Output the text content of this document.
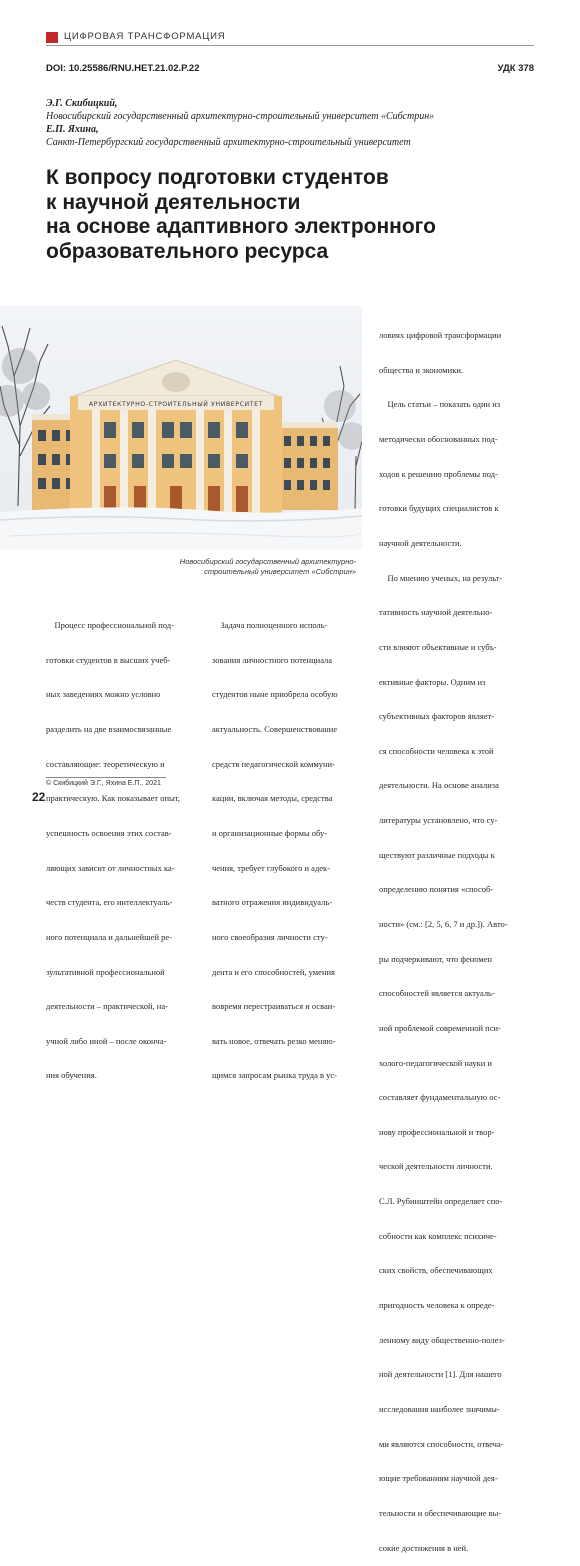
ЦИФРОВАЯ ТРАНСФОРМАЦИЯ
DOI: 10.25586/RNU.HET.21.02.P.22	УДК 378
Э.Г. Скибицкий,
Новосибирский государственный архитектурно-строительный университет «Сибстрин»
Е.П. Яхина,
Санкт-Петербургский государственный архитектурно-строительный университет
К вопросу подготовки студентов
к научной деятельности
на основе адаптивного электронного
образовательного ресурса
АРХИТЕКТУРНО-СТРОИТЕЛЬНЫЙ УНИВЕРСИТЕТ
Новосибирский государственный архитектурно-
строительный университет «Сибстрин»

Процесс профессиональной под-

готовки студентов в высших учеб-

ных заведениях можно условно

разделить на две взаимосвязанные

составляющие: теоретическую и

практическую. Как показывает опыт,

успешность освоения этих состав-

ляющих зависит от личностных ка-

честв студента, его интеллектуаль-

ного потенциала и дальнейшей ре-

зультативной профессиональной

деятельности – практической, на-

учной либо иной – после оконча-

ния обучения.

Задача полноценного исполь-

зования личностного потенциала

студентов ныне приобрела особую

актуальность. Совершенствование

средств педагогической коммуни-

кации, включая методы, средства

и организационные формы обу-

чения, требует глубокого и адек-

ватного отражения индивидуаль-

ного своеобразия личности сту-

дента и его способностей, умения

вовремя перестраиваться и осваи-

вать новое, отвечать резко меняю-

щимся запросам рынка труда в ус-

ловиях цифровой трансформации

общества и экономики.

Цель статьи – показать один из

методически обоснованных под-

ходов к решению проблемы под-

готовки будущих специалистов к

научной деятельности.

По мнению ученых, на результ-

тативность научной деятельно-

сти влияют объективные и субъ-

ективные факторы. Одним из

субъективных факторов являет-

ся способности человека к этой

деятельности. На основе анализа

литературы установлено, что су-

ществуют различные подходы к

определению понятия «способ-

ности» (см.: [2, 5, 6, 7 и др.]). Авто-

ры подчеркивают, что феномен

способностей является актуаль-

ной проблемой современной пси-

холого-педагогической науки и

составляет фундаментальную ос-

нову профессиональной и твор-

ческой деятельности личности.

С.Л. Рубинштейн определяет спо-

собности как комплекс психиче-

ских свойств, обеспечивающих

пригодность человека к опреде-

ленному виду общественно-полез-

ной деятельности [1]. Для нашего

исследования наиболее значимы-

ми являются способности, отвеча-

ющие требованиям научной дея-

тельности и обеспечивающие вы-

сокие достижения в ней.

© Скибицкий Э.Г., Яхина Е.П., 2021
22
